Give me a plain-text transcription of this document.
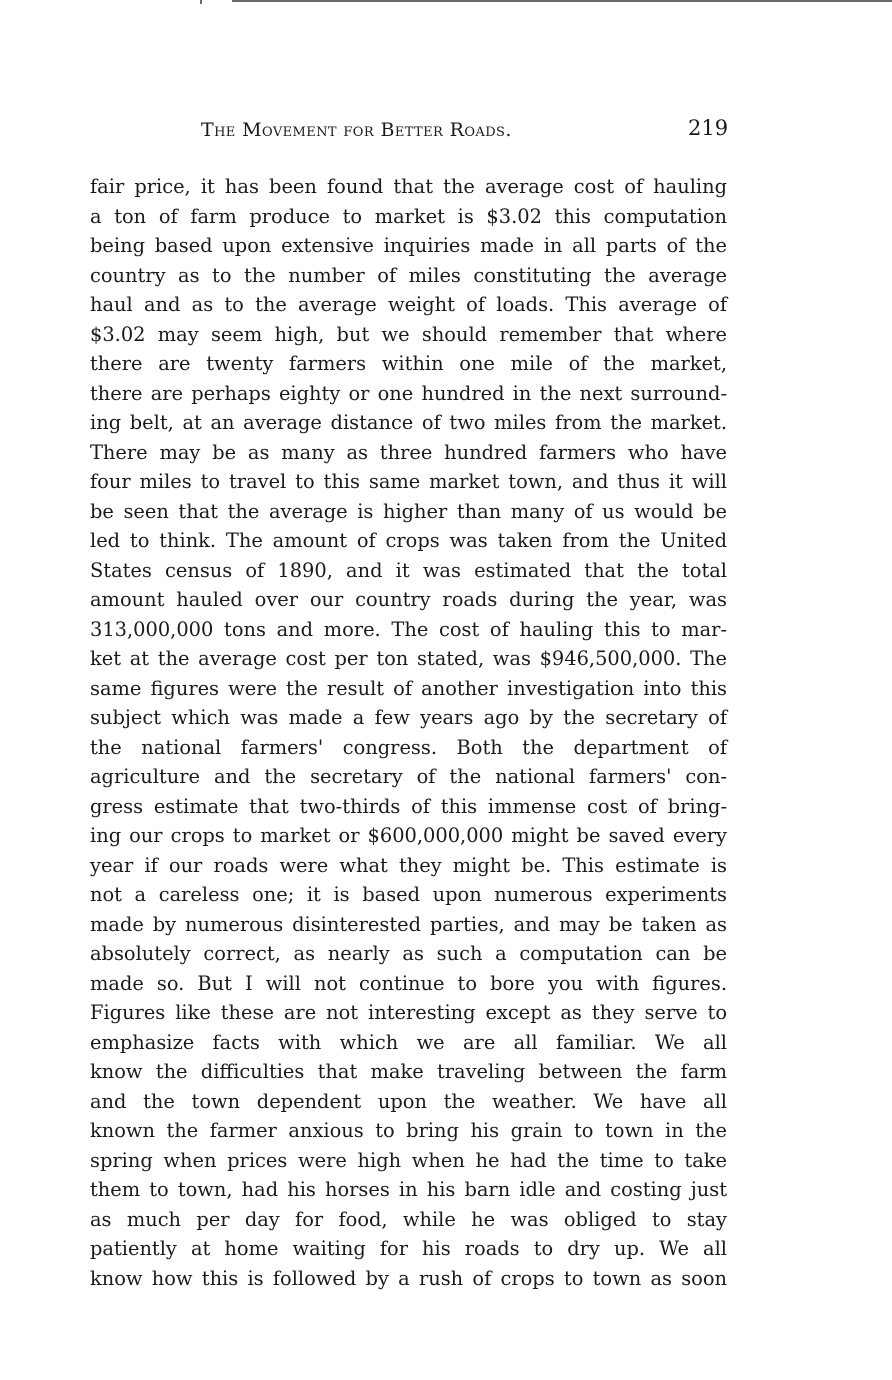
The Movement for Better Roads.	219
fair price, it has been found that the average cost of hauling
a ton of farm produce to market is $3.02 this computation
being based upon extensive inquiries made in all parts of the
country as to the number of miles constituting the average
haul and as to the average weight of loads. This average of
$3.02 may seem high, but we should remember that where
there are twenty farmers within one mile of the market,
there are perhaps eighty or one hundred in the next surround-
ing belt, at an average distance of two miles from the market.
There may be as many as three hundred farmers who have
four miles to travel to this same market town, and thus it will
be seen that the average is higher than many of us would be
led to think. The amount of crops was taken from the United
States census of 1890, and it was estimated that the total
amount hauled over our country roads during the year, was
313,000,000 tons and more. The cost of hauling this to mar-
ket at the average cost per ton stated, was $946,500,000. The
same figures were the result of another investigation into this
subject which was made a few years ago by the secretary of
the national farmers' congress. Both the department of
agriculture and the secretary of the national farmers' con-
gress estimate that two-thirds of this immense cost of bring-
ing our crops to market or $600,000,000 might be saved every
year if our roads were what they might be. This estimate is
not a careless one; it is based upon numerous experiments
made by numerous disinterested parties, and may be taken as
absolutely correct, as nearly as such a computation can be
made so. But I will not continue to bore you with figures.
Figures like these are not interesting except as they serve to
emphasize facts with which we are all familiar. We all
know the difficulties that make traveling between the farm
and the town dependent upon the weather. We have all
known the farmer anxious to bring his grain to town in the
spring when prices were high when he had the time to take
them to town, had his horses in his barn idle and costing just
as much per day for food, while he was obliged to stay
patiently at home waiting for his roads to dry up. We all
know how this is followed by a rush of crops to town as soon
